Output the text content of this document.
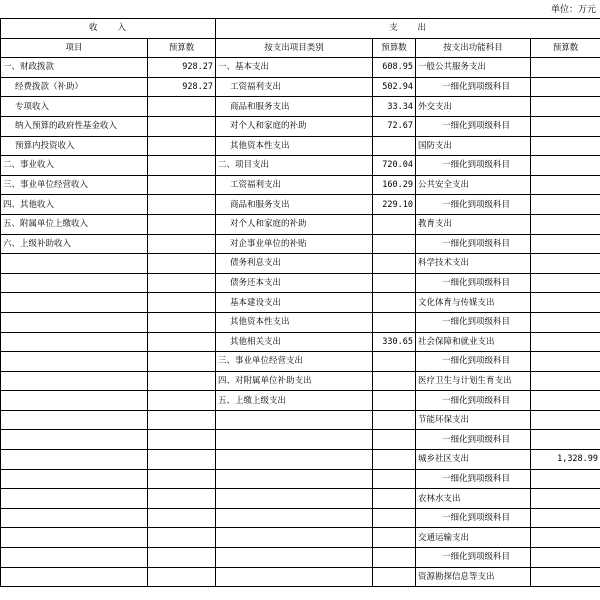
单位：万元
收　　入		支　　出			
项目	预算数	按支出项目类别	预算数	按支出功能科目	预算数
一、财政拨款	928.27	一、基本支出	608.95	一般公共服务支出	
经费拨款（补助）	928.27	工资福利支出	502.94	一细化到项级科目	
专项收入		商品和服务支出	33.34	外交支出	
纳入预算的政府性基金收入		对个人和家庭的补助	72.67	一细化到项级科目	
预算内投资收入		其他资本性支出		国防支出	
二、事业收入		二、项目支出	720.04	一细化到项级科目	
三、事业单位经营收入		工资福利支出	160.29	公共安全支出	
四、其他收入		商品和服务支出	229.10	一细化到项级科目	
五、附属单位上缴收入		对个人和家庭的补助		教育支出	
六、上级补助收入		对企事业单位的补贴		一细化到项级科目	
		债务利息支出		科学技术支出	
		债务还本支出		一细化到项级科目	
		基本建设支出		文化体育与传媒支出	
		其他资本性支出		一细化到项级科目	
		其他相关支出	330.65	社会保障和就业支出	
		三、事业单位经营支出		一细化到项级科目	
		四、对附属单位补助支出		医疗卫生与计划生育支出	
		五、上缴上级支出		一细化到项级科目	
				节能环保支出	
				一细化到项级科目	
				城乡社区支出	1,328.99
				一细化到项级科目	
				农林水支出	
				一细化到项级科目	
				交通运输支出	
				一细化到项级科目	
				资源勘探信息等支出	
